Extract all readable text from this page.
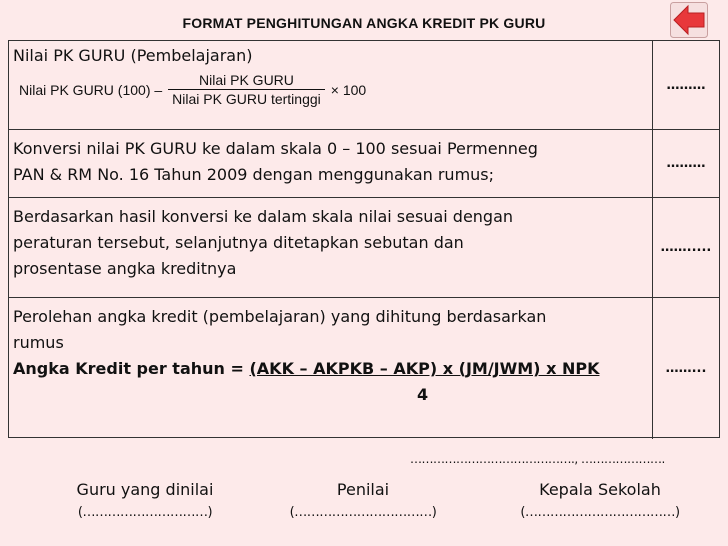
FORMAT PENGHITUNGAN ANGKA KREDIT PK GURU
Nilai PK GURU (Pembelajaran)
Nilai PK GURU $(100) - \frac{\text{Nilai PK GURU}}{\text{Nilai PK GURU tertinggi}} \times 100$	………
Konversi nilai PK GURU ke dalam skala 0 – 100 sesuai Permenneg
PAN & RM No. 16 Tahun 2009 dengan menggunakan rumus;
………
Berdasarkan hasil konversi ke dalam skala nilai sesuai dengan
peraturan tersebut, selanjutnya ditetapkan sebutan dan
prosentase angka kreditnya
…….....
Perolehan angka kredit (pembelajaran) yang dihitung berdasarkan
rumus
Angka Kredit per tahun = (AKK – AKPKB – AKP) x (JM/JWM) x NPK
4
……...
……………………………………., ………………….
Guru yang dinilai
(…………………………)
Penilai
(……………………………)
Kepala Sekolah
(………………………………)
